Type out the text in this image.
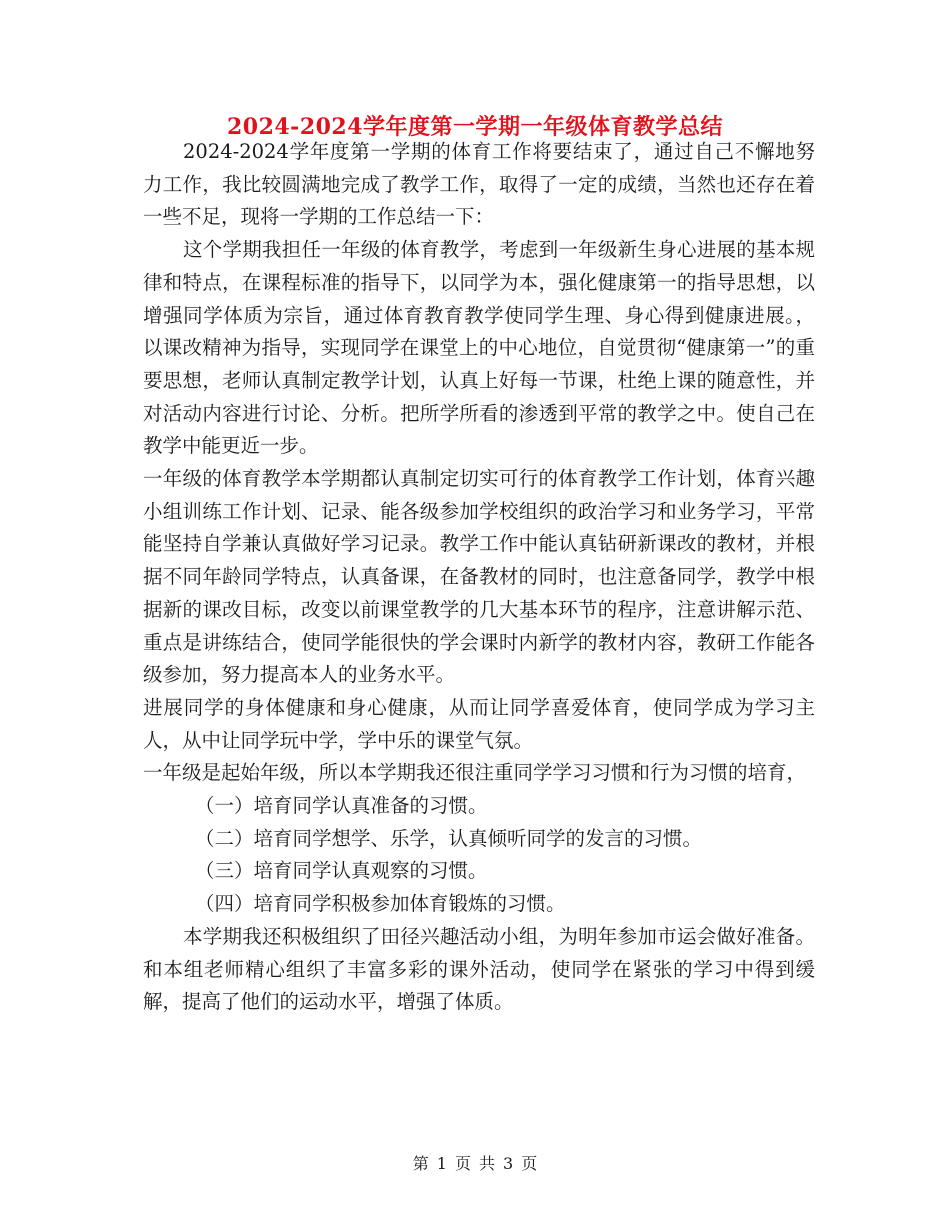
2024-2024学年度第一学期一年级体育教学总结

2024-2024学年度第一学期的体育工作将要结束了，通过自己不懈地努力工作，我比较圆满地完成了教学工作，取得了一定的成绩，当然也还存在着一些不足，现将一学期的工作总结一下：

这个学期我担任一年级的体育教学，考虑到一年级新生身心进展的基本规律和特点，在课程标准的指导下，以同学为本，强化健康第一的指导思想，以增强同学体质为宗旨，通过体育教育教学使同学生理、身心得到健康进展。，以课改精神为指导，实现同学在课堂上的中心地位，自觉贯彻“健康第一”的重要思想，老师认真制定教学计划，认真上好每一节课，杜绝上课的随意性，并对活动内容进行讨论、分析。把所学所看的渗透到平常的教学之中。使自己在教学中能更近一步。

一年级的体育教学本学期都认真制定切实可行的体育教学工作计划，体育兴趣小组训练工作计划、记录、能各级参加学校组织的政治学习和业务学习，平常能坚持自学兼认真做好学习记录。教学工作中能认真钻研新课改的教材，并根据不同年龄同学特点，认真备课，在备教材的同时，也注意备同学，教学中根据新的课改目标，改变以前课堂教学的几大基本环节的程序，注意讲解示范、重点是讲练结合，使同学能很快的学会课时内新学的教材内容，教研工作能各级参加，努力提高本人的业务水平。

进展同学的身体健康和身心健康，从而让同学喜爱体育，使同学成为学习主人，从中让同学玩中学，学中乐的课堂气氛。

一年级是起始年级，所以本学期我还很注重同学学习习惯和行为习惯的培育，

（一）培育同学认真准备的习惯。

（二）培育同学想学、乐学，认真倾听同学的发言的习惯。

（三）培育同学认真观察的习惯。

（四）培育同学积极参加体育锻炼的习惯。

本学期我还积极组织了田径兴趣活动小组，为明年参加市运会做好准备。和本组老师精心组织了丰富多彩的课外活动，使同学在紧张的学习中得到缓解，提高了他们的运动水平，增强了体质。

第 1 页 共 3 页
